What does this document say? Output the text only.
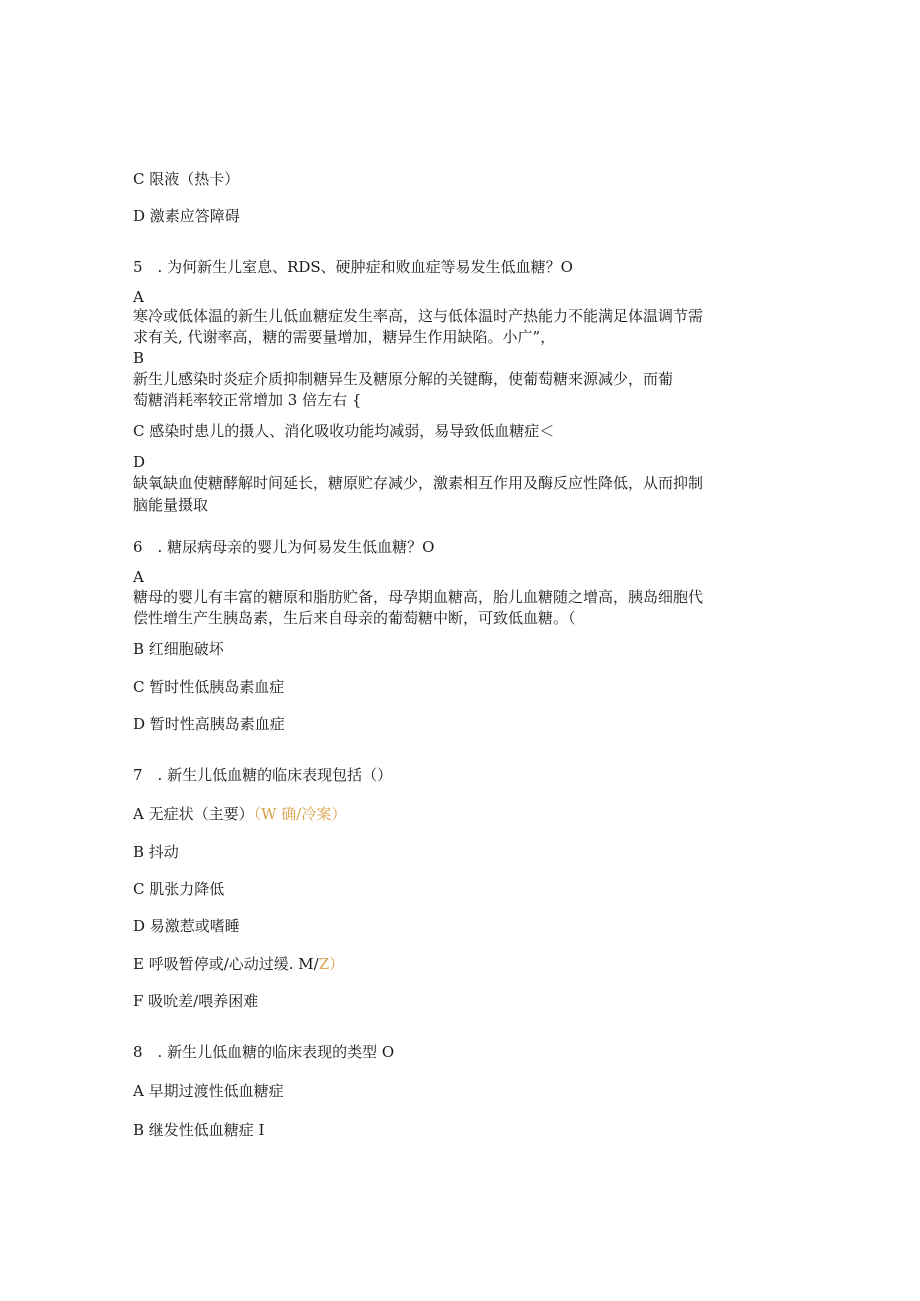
C 限液（热卡）
D 激素应答障碍
5　. 为何新生儿室息、RDS、硬肿症和败血症等易发生低血糖？O
A
寒冷或低体温的新生儿低血糖症发生率高，这与低体温时产热能力不能满足体温调节需
求有关, 代谢率高，糖的需要量增加，糖异生作用缺陷。小广”，
B
新生儿感染时炎症介质抑制糖异生及糖原分解的关键酶，使葡萄糖来源减少，而葡
萄糖消耗率较正常增加 3 倍左右 {
C 感染时患儿的摄人、消化吸收功能均减弱，易导致低血糖症＜
D
缺氧缺血使糖酵解时间延长，糖原贮存减少，激素相互作用及酶反应性降低，从而抑制
脑能量摄取
6　. 糖尿病母亲的婴儿为何易发生低血糖？O
A
糖母的婴儿有丰富的糖原和脂肪贮备，母孕期血糖高，胎儿血糖随之增高，胰岛细胞代
偿性增生产生胰岛素，生后来自母亲的葡萄糖中断，可致低血糖。（
B 红细胞破坏
C 暂时性低胰岛素血症
D 暂时性高胰岛素血症
7　. 新生儿低血糖的临床表现包括（）
A 无症状（主要）（W 确/冷案）
B 抖动
C 肌张力降低
D 易激惹或嗜睡
E 呼吸暂停或/心动过缓. M/Z）
F 吸吮差/喂养困难
8　. 新生儿低血糖的临床表现的类型 O
A 早期过渡性低血糖症
B 继发性低血糖症 I
